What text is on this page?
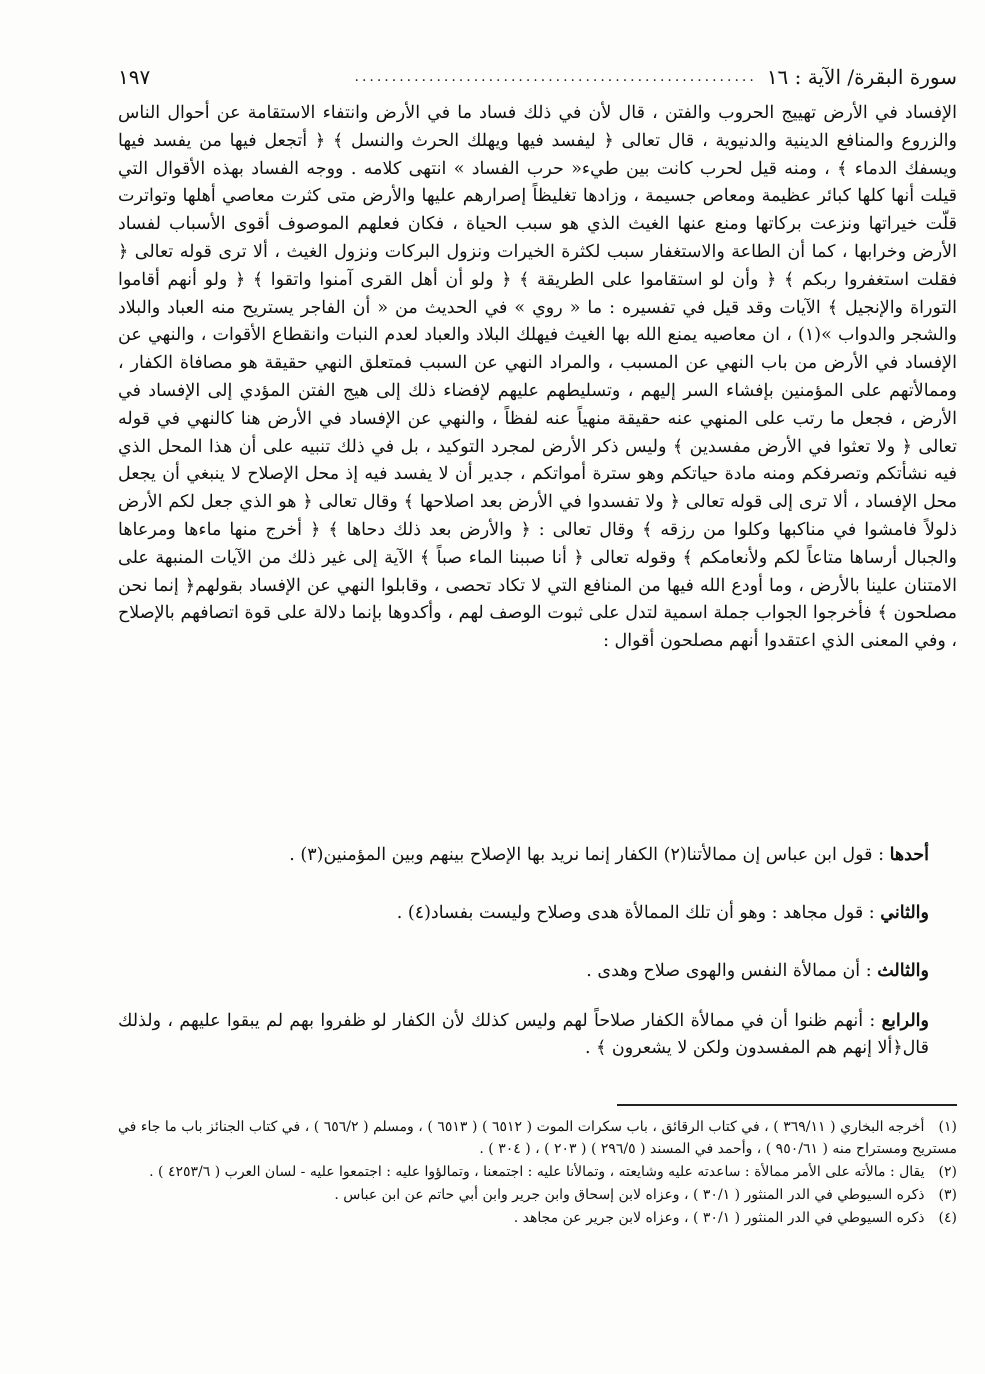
سورة البقرة/ الآية : ١٦
......................................................
١٩٧

الإفساد في الأرض تهييج الحروب والفتن ، قال لأن في ذلك فساد ما في الأرض وانتفاء الاستقامة عن أحوال الناس والزروع والمنافع الدينية والدنيوية ، قال تعالى ﴿ ليفسد فيها ويهلك الحرث والنسل ﴾ ﴿ أتجعل فيها من يفسد فيها ويسفك الدماء ﴾ ، ومنه قيل لحرب كانت بين طيء« حرب الفساد » انتهى كلامه . ووجه الفساد بهذه الأقوال التي قيلت أنها كلها كبائر عظيمة ومعاص جسيمة ، وزادها تغليظاً إصرارهم عليها والأرض متى كثرت معاصي أهلها وتواترت قلّت خيراتها ونزعت بركاتها ومنع عنها الغيث الذي هو سبب الحياة ، فكان فعلهم الموصوف أقوى الأسباب لفساد الأرض وخرابها ، كما أن الطاعة والاستغفار سبب لكثرة الخيرات ونزول البركات ونزول الغيث ، ألا ترى قوله تعالى ﴿ فقلت استغفروا ربكم ﴾ ﴿ وأن لو استقاموا على الطريقة ﴾ ﴿ ولو أن أهل القرى آمنوا واتقوا ﴾ ﴿ ولو أنهم أقاموا التوراة والإنجيل ﴾ الآيات وقد قيل في تفسيره : ما « روي » في الحديث من « أن الفاجر يستريح منه العباد والبلاد والشجر والدواب »(١) ، ان معاصيه يمنع الله بها الغيث فيهلك البلاد والعباد لعدم النبات وانقطاع الأقوات ، والنهي عن الإفساد في الأرض من باب النهي عن المسبب ، والمراد النهي عن السبب فمتعلق النهي حقيقة هو مصافاة الكفار ، وممالأتهم على المؤمنين بإفشاء السر إليهم ، وتسليطهم عليهم لإفضاء ذلك إلى هيج الفتن المؤدي إلى الإفساد في الأرض ، فجعل ما رتب على المنهي عنه حقيقة منهياً عنه لفظاً ، والنهي عن الإفساد في الأرض هنا كالنهي في قوله تعالى ﴿ ولا تعثوا في الأرض مفسدين ﴾ وليس ذكر الأرض لمجرد التوكيد ، بل في ذلك تنبيه على أن هذا المحل الذي فيه نشأتكم وتصرفكم ومنه مادة حياتكم وهو سترة أمواتكم ، جدير أن لا يفسد فيه إذ محل الإصلاح لا ينبغي أن يجعل محل الإفساد ، ألا ترى إلى قوله تعالى ﴿ ولا تفسدوا في الأرض بعد اصلاحها ﴾ وقال تعالى ﴿ هو الذي جعل لكم الأرض ذلولاً فامشوا في مناكبها وكلوا من رزقه ﴾ وقال تعالى : ﴿ والأرض بعد ذلك دحاها ﴾ ﴿ أخرج منها ماءها ومرعاها والجبال أرساها متاعاً لكم ولأنعامكم ﴾ وقوله تعالى ﴿ أنا صببنا الماء صباً ﴾ الآية إلى غير ذلك من الآيات المنبهة على الامتنان علينا بالأرض ، وما أودع الله فيها من المنافع التي لا تكاد تحصى ، وقابلوا النهي عن الإفساد بقولهم﴿ إنما نحن مصلحون ﴾ فأخرجوا الجواب جملة اسمية لتدل على ثبوت الوصف لهم ، وأكدوها بإنما دلالة على قوة اتصافهم بالإصلاح ، وفي المعنى الذي اعتقدوا أنهم مصلحون أقوال :

أحدها : قول ابن عباس إن ممالأتنا(٢) الكفار إنما نريد بها الإصلاح بينهم وبين المؤمنين(٣) .

والثاني : قول مجاهد : وهو أن تلك الممالأة هدى وصلاح وليست بفساد(٤) .

والثالث : أن ممالأة النفس والهوى صلاح وهدى .

والرابع : أنهم ظنوا أن في ممالأة الكفار صلاحاً لهم وليس كذلك لأن الكفار لو ظفروا بهم لم يبقوا عليهم ، ولذلك قال﴿ألا إنهم هم المفسدون ولكن لا يشعرون ﴾ .

(١) أخرجه البخاري ( ٣٦٩/١١ ) ، في كتاب الرقائق ، باب سكرات الموت ( ٦٥١٢ ) ( ٦٥١٣ ) ، ومسلم ( ٦٥٦/٢ ) ، في كتاب الجنائز باب ما جاء في مستريح ومستراح منه ( ٩٥٠/٦١ ) ، وأحمد في المسند ( ٢٩٦/٥ ) ( ٢٠٣ ) ، ( ٣٠٤ ) .

(٢) يقال : مالأته على الأمر ممالأة : ساعدته عليه وشايعته ، وتمالأنا عليه : اجتمعنا ، وتمالؤوا عليه : اجتمعوا عليه - لسان العرب ( ٤٢٥٣/٦ ) .

(٣) ذكره السيوطي في الدر المنثور ( ٣٠/١ ) ، وعزاه لابن إسحاق وابن جرير وابن أبي حاتم عن ابن عباس .

(٤) ذكره السيوطي في الدر المنثور ( ٣٠/١ ) ، وعزاه لابن جرير عن مجاهد .
